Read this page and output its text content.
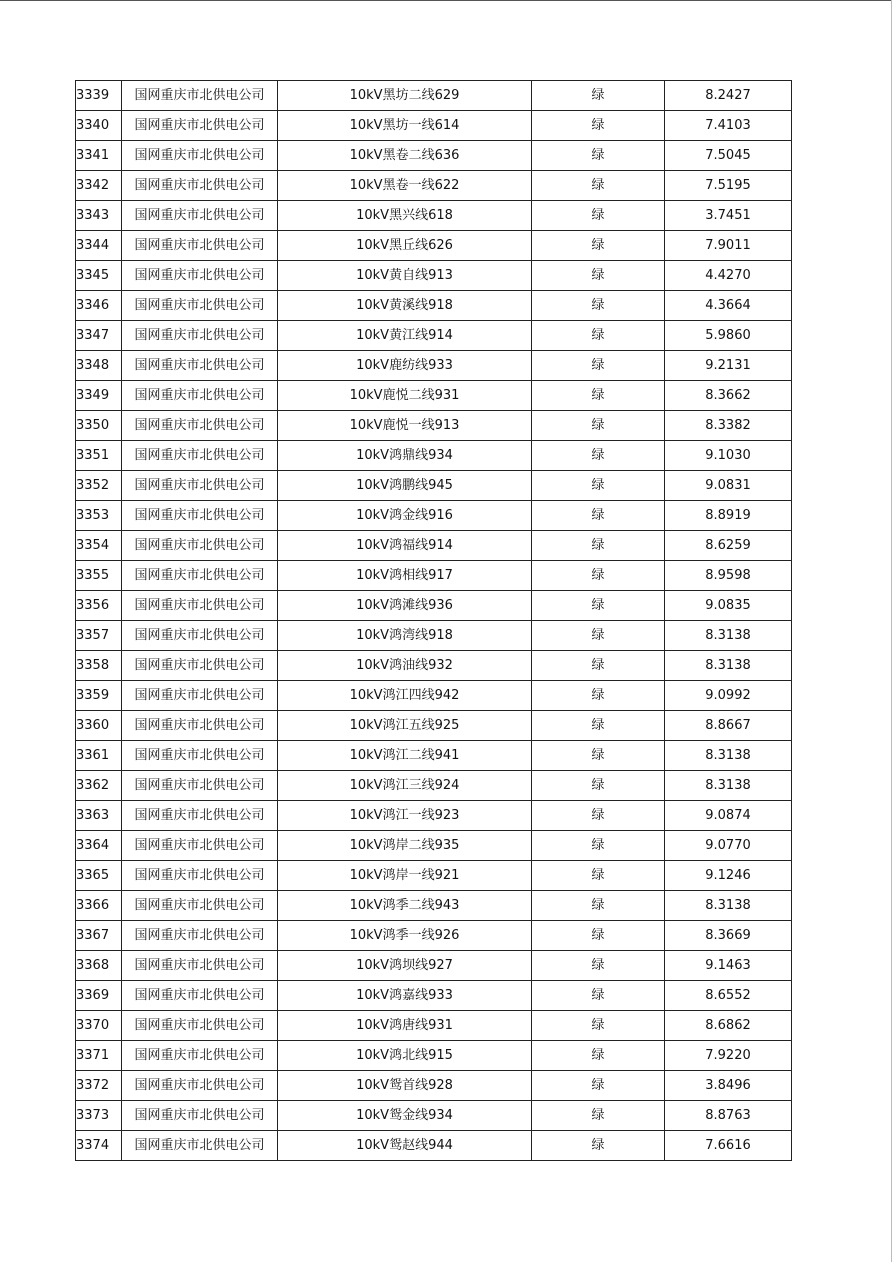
3339	国网重庆市北供电公司	10kV黑坊二线629	绿	8.2427
3340	国网重庆市北供电公司	10kV黑坊一线614	绿	7.4103
3341	国网重庆市北供电公司	10kV黑卷二线636	绿	7.5045
3342	国网重庆市北供电公司	10kV黑卷一线622	绿	7.5195
3343	国网重庆市北供电公司	10kV黑兴线618	绿	3.7451
3344	国网重庆市北供电公司	10kV黑丘线626	绿	7.9011
3345	国网重庆市北供电公司	10kV黄自线913	绿	4.4270
3346	国网重庆市北供电公司	10kV黄溪线918	绿	4.3664
3347	国网重庆市北供电公司	10kV黄江线914	绿	5.9860
3348	国网重庆市北供电公司	10kV鹿纺线933	绿	9.2131
3349	国网重庆市北供电公司	10kV鹿悦二线931	绿	8.3662
3350	国网重庆市北供电公司	10kV鹿悦一线913	绿	8.3382
3351	国网重庆市北供电公司	10kV鸿鼎线934	绿	9.1030
3352	国网重庆市北供电公司	10kV鸿鹏线945	绿	9.0831
3353	国网重庆市北供电公司	10kV鸿金线916	绿	8.8919
3354	国网重庆市北供电公司	10kV鸿福线914	绿	8.6259
3355	国网重庆市北供电公司	10kV鸿相线917	绿	8.9598
3356	国网重庆市北供电公司	10kV鸿滩线936	绿	9.0835
3357	国网重庆市北供电公司	10kV鸿湾线918	绿	8.3138
3358	国网重庆市北供电公司	10kV鸿油线932	绿	8.3138
3359	国网重庆市北供电公司	10kV鸿江四线942	绿	9.0992
3360	国网重庆市北供电公司	10kV鸿江五线925	绿	8.8667
3361	国网重庆市北供电公司	10kV鸿江二线941	绿	8.3138
3362	国网重庆市北供电公司	10kV鸿江三线924	绿	8.3138
3363	国网重庆市北供电公司	10kV鸿江一线923	绿	9.0874
3364	国网重庆市北供电公司	10kV鸿岸二线935	绿	9.0770
3365	国网重庆市北供电公司	10kV鸿岸一线921	绿	9.1246
3366	国网重庆市北供电公司	10kV鸿季二线943	绿	8.3138
3367	国网重庆市北供电公司	10kV鸿季一线926	绿	8.3669
3368	国网重庆市北供电公司	10kV鸿坝线927	绿	9.1463
3369	国网重庆市北供电公司	10kV鸿嘉线933	绿	8.6552
3370	国网重庆市北供电公司	10kV鸿唐线931	绿	8.6862
3371	国网重庆市北供电公司	10kV鸿北线915	绿	7.9220
3372	国网重庆市北供电公司	10kV鸳首线928	绿	3.8496
3373	国网重庆市北供电公司	10kV鸳金线934	绿	8.8763
3374	国网重庆市北供电公司	10kV鸳赵线944	绿	7.6616
